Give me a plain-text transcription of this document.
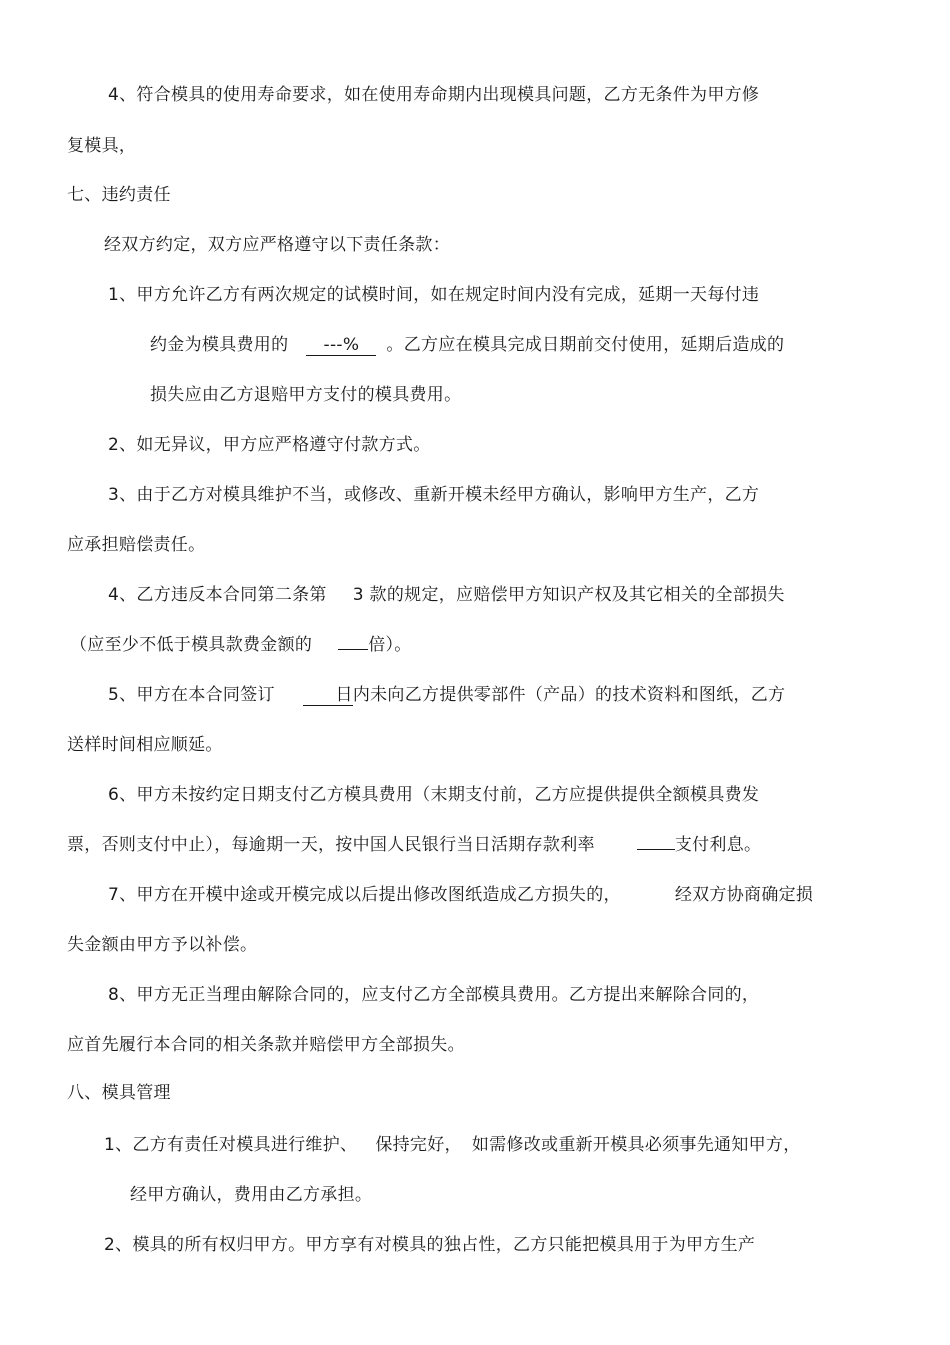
4、符合模具的使用寿命要求，如在使用寿命期内出现模具问题，乙方无条件为甲方修
复模具，
七、违约责任
经双方约定，双方应严格遵守以下责任条款：
1、甲方允许乙方有两次规定的试模时间，如在规定时间内没有完成，延期一天每付违
约金为模具费用的 ---% 。乙方应在模具完成日期前交付使用，延期后造成的
损失应由乙方退赔甲方支付的模具费用。
2、如无异议，甲方应严格遵守付款方式。
3、由于乙方对模具维护不当，或修改、重新开模未经甲方确认，影响甲方生产，乙方
应承担赔偿责任。
4、乙方违反本合同第二条第 3 款的规定，应赔偿甲方知识产权及其它相关的全部损失
（应至少不低于模具款费金额的	倍）。
5、甲方在本合同签订	日内未向乙方提供零部件（产品）的技术资料和图纸，乙方
送样时间相应顺延。
6、甲方未按约定日期支付乙方模具费用（末期支付前，乙方应提供提供全额模具费发
票，否则支付中止），每逾期一天，按中国人民银行当日活期存款利率	支付利息。
7、甲方在开模中途或开模完成以后提出修改图纸造成乙方损失的，	经双方协商确定损
失金额由甲方予以补偿。
8、甲方无正当理由解除合同的，应支付乙方全部模具费用。乙方提出来解除合同的，
应首先履行本合同的相关条款并赔偿甲方全部损失。
八、模具管理
1、乙方有责任对模具进行维护、 保持完好， 如需修改或重新开模具必须事先通知甲方，
经甲方确认，费用由乙方承担。
2、模具的所有权归甲方。甲方享有对模具的独占性，乙方只能把模具用于为甲方生产
